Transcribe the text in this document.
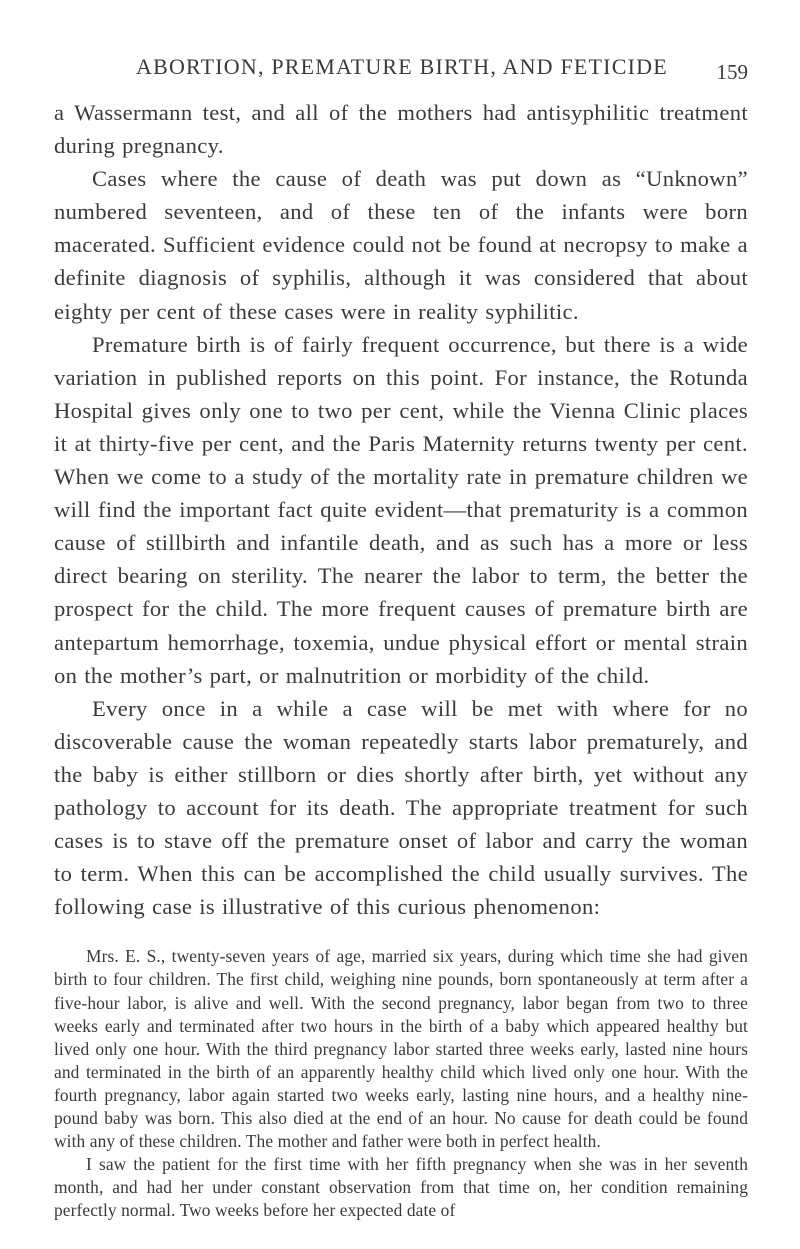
ABORTION, PREMATURE BIRTH, AND FETICIDE 159

a Wassermann test, and all of the mothers had antisyphilitic treatment during pregnancy.

Cases where the cause of death was put down as “Unknown” numbered seventeen, and of these ten of the infants were born macerated. Sufficient evidence could not be found at necropsy to make a definite diagnosis of syphilis, although it was considered that about eighty per cent of these cases were in reality syphilitic.

Premature birth is of fairly frequent occurrence, but there is a wide variation in published reports on this point. For instance, the Rotunda Hospital gives only one to two per cent, while the Vienna Clinic places it at thirty-five per cent, and the Paris Maternity returns twenty per cent. When we come to a study of the mortality rate in premature children we will find the important fact quite evident—that prematurity is a common cause of stillbirth and infantile death, and as such has a more or less direct bearing on sterility. The nearer the labor to term, the better the prospect for the child. The more frequent causes of premature birth are antepartum hemorrhage, toxemia, undue physical effort or mental strain on the mother’s part, or malnutrition or morbidity of the child.

Every once in a while a case will be met with where for no discoverable cause the woman repeatedly starts labor prematurely, and the baby is either stillborn or dies shortly after birth, yet without any pathology to account for its death. The appropriate treatment for such cases is to stave off the premature onset of labor and carry the woman to term. When this can be accomplished the child usually survives. The following case is illustrative of this curious phenomenon:

Mrs. E. S., twenty-seven years of age, married six years, during which time she had given birth to four children. The first child, weighing nine pounds, born spontaneously at term after a five-hour labor, is alive and well. With the second pregnancy, labor began from two to three weeks early and terminated after two hours in the birth of a baby which appeared healthy but lived only one hour. With the third pregnancy labor started three weeks early, lasted nine hours and terminated in the birth of an apparently healthy child which lived only one hour. With the fourth pregnancy, labor again started two weeks early, lasting nine hours, and a healthy nine-pound baby was born. This also died at the end of an hour. No cause for death could be found with any of these children. The mother and father were both in perfect health.

I saw the patient for the first time with her fifth pregnancy when she was in her seventh month, and had her under constant observation from that time on, her condition remaining perfectly normal. Two weeks before her expected date of
